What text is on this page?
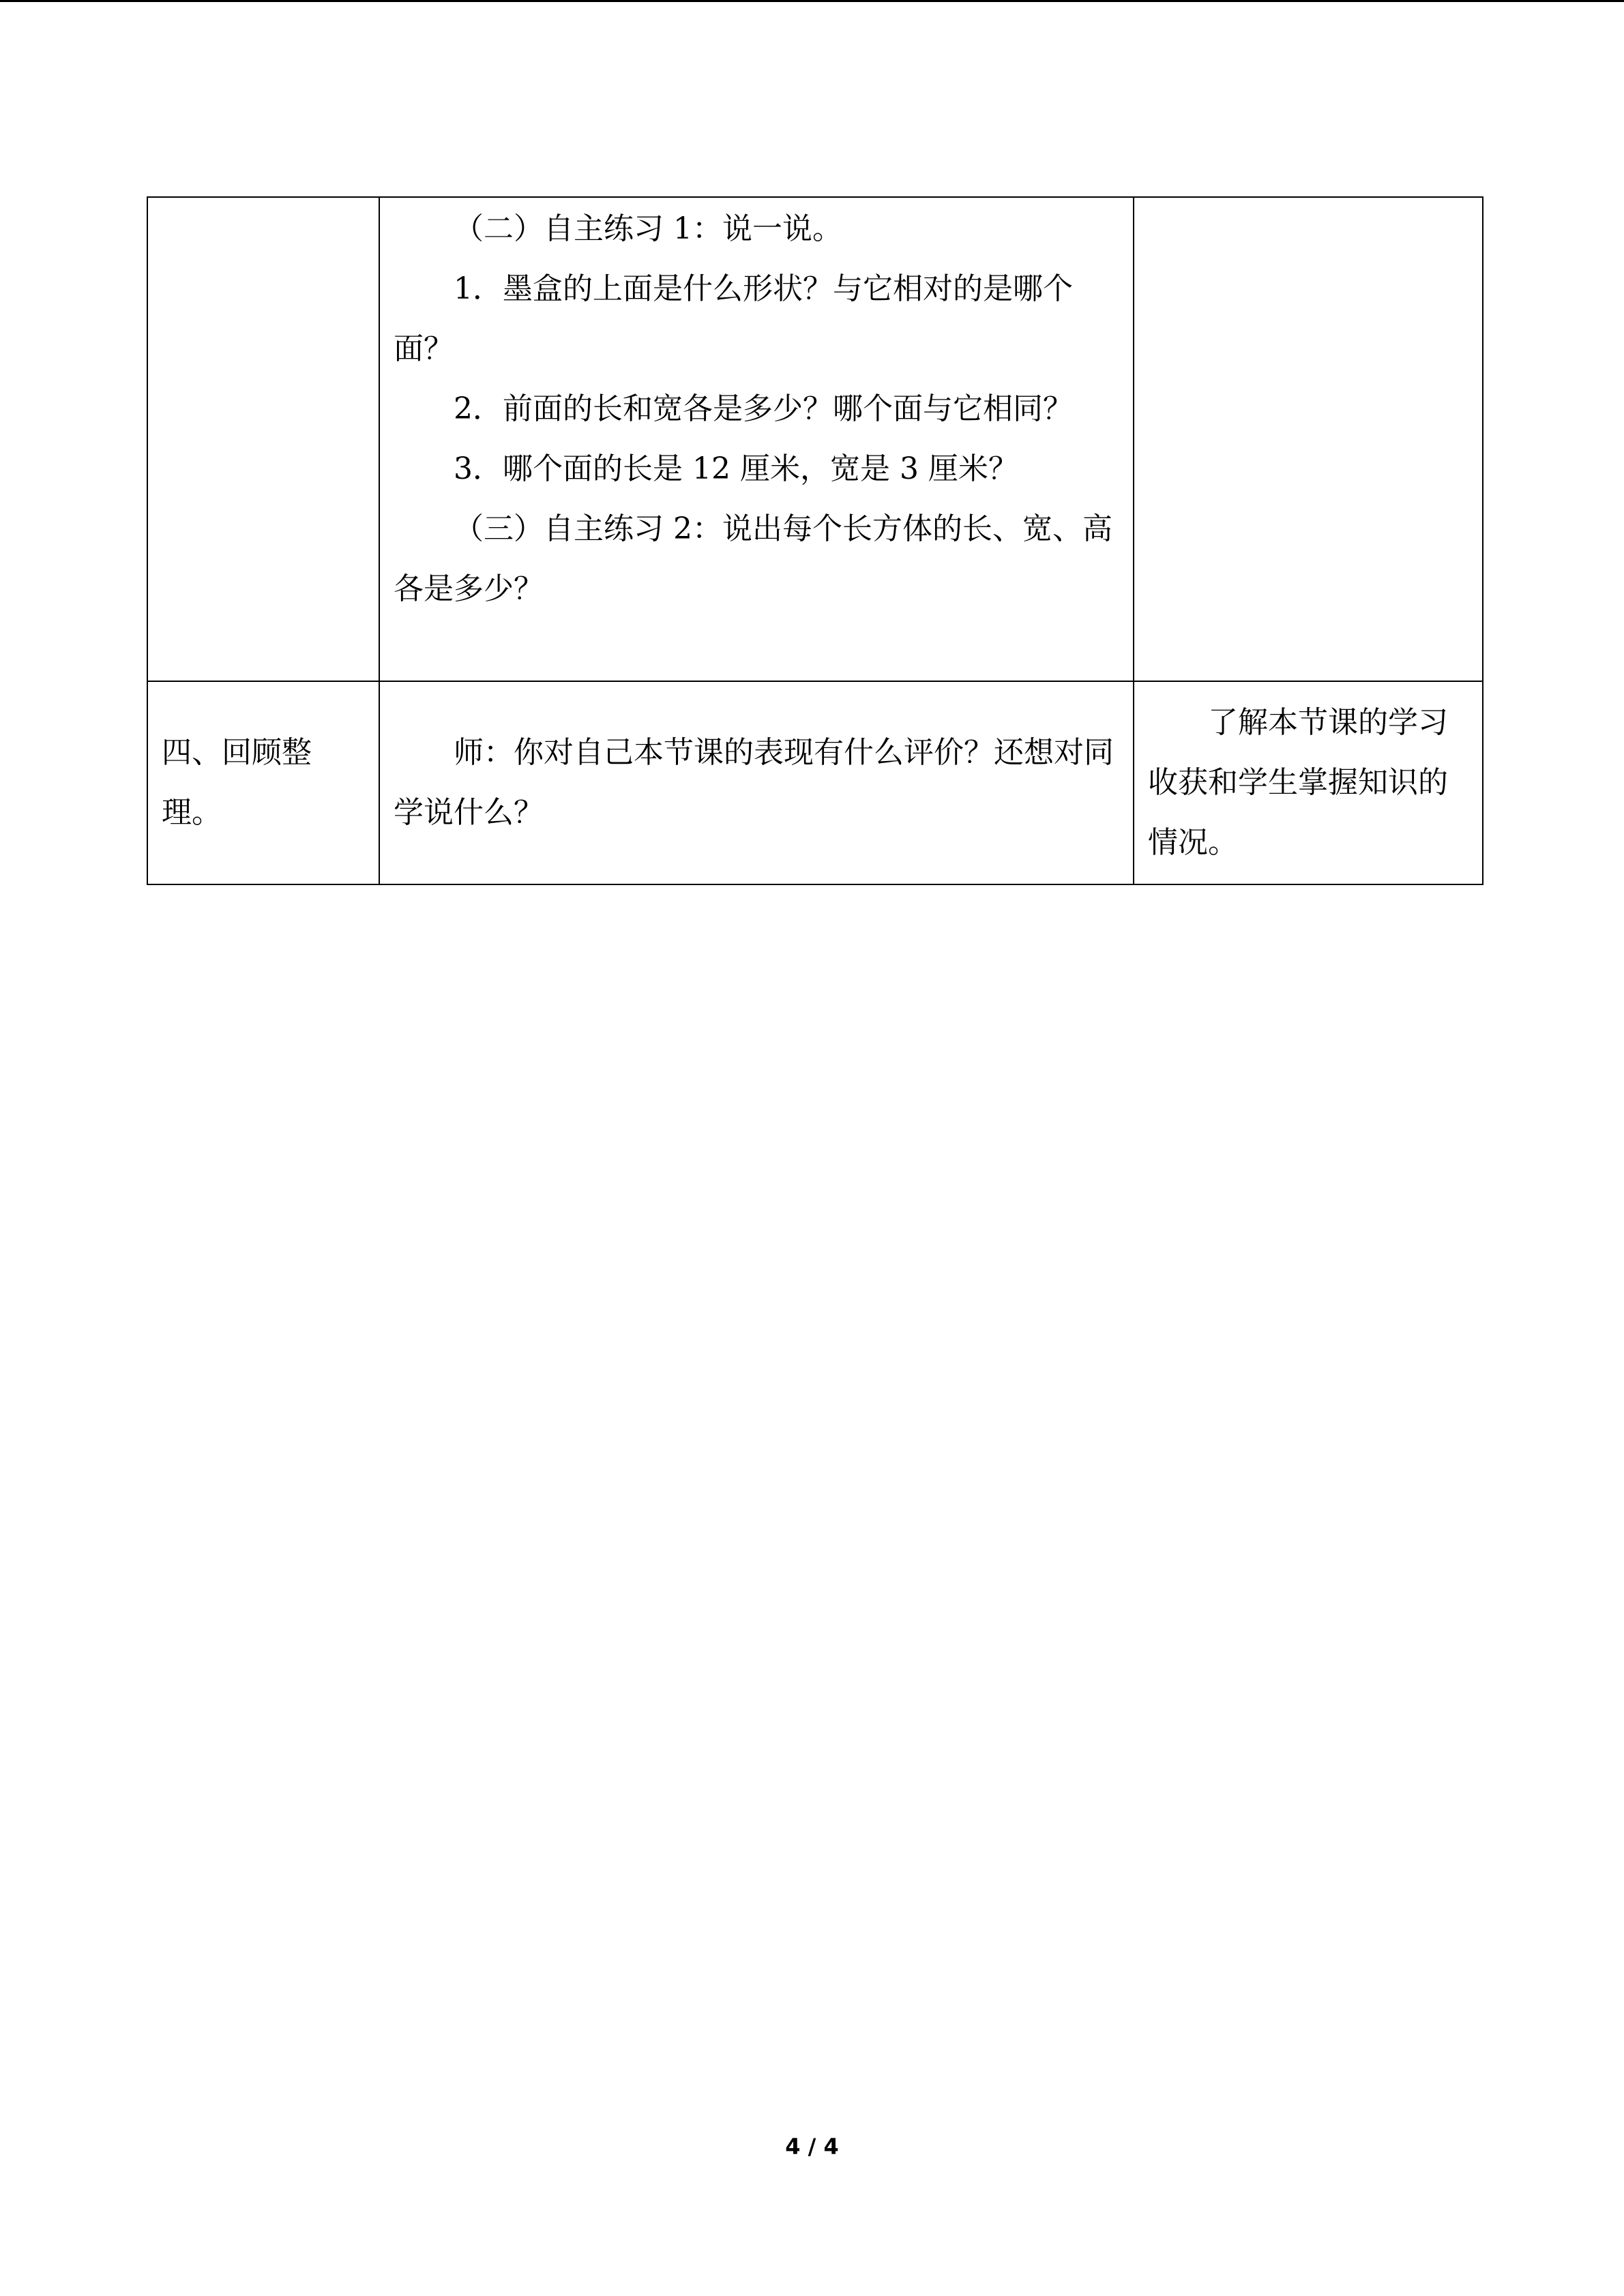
	（二）自主练习 1：说一说。
1．墨盒的上面是什么形状？与它相对的是哪个面？
2．前面的长和宽各是多少？哪个面与它相同？
3．哪个面的长是 12 厘米，宽是 3 厘米？
（三）自主练习 2：说出每个长方体的长、宽、高各是多少？	

四、回顾整理。	师：你对自己本节课的表现有什么评价？还想对同学说什么？	了解本节课的学习收获和学生掌握知识的情况。
4 / 4
